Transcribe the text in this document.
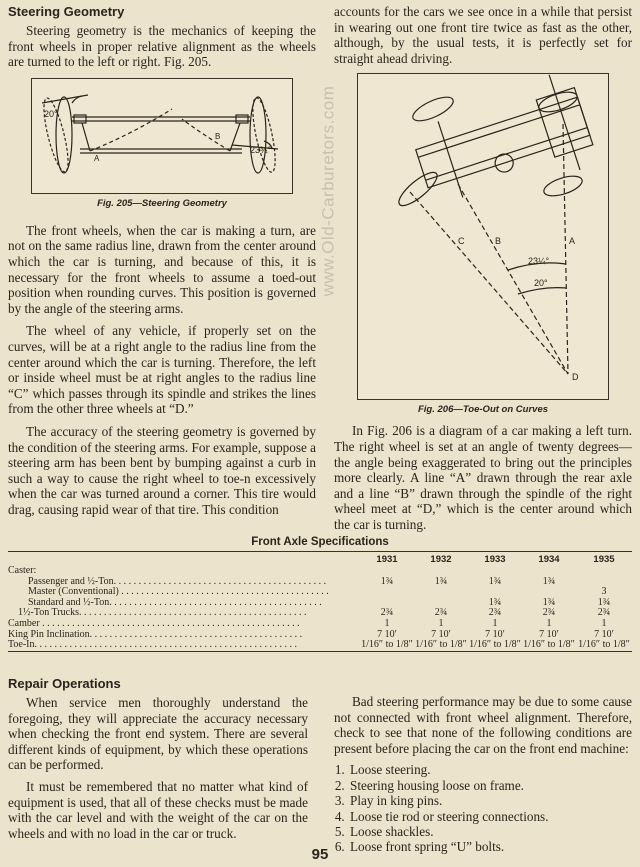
Steering Geometry

Steering geometry is the mechanics of keeping the front wheels in proper relative alignment as the wheels are turned to the left or right. Fig. 205.

20°
23¾°
A
B
Fig. 205—Steering Geometry

The front wheels, when the car is making a turn, are not on the same radius line, drawn from the center around which the car is turning, and because of this, it is necessary for the front wheels to assume a toed-out position when rounding curves. This position is governed by the angle of the steering arms.

The wheel of any vehicle, if properly set on the curves, will be at a right angle to the radius line from the center around which the car is turning. Therefore, the left or inside wheel must be at right angles to the radius line “C” which passes through its spindle and strikes the lines from the other three wheels at “D.”

The accuracy of the steering geometry is governed by the condition of the steering arms. For example, suppose a steering arm has been bent by bumping against a curb in such a way to cause the right wheel to toe-n excessively when the car was turned around a corner. This tire would drag, causing rapid wear of that tire. This condition

www.Old-Carburetors.com

accounts for the cars we see once in a while that persist in wearing out one front tire twice as fast as the other, although, by the usual tests, it is perfectly set for straight ahead driving.

C	B	A
23¼°
20°
D
Fig. 206—Toe-Out on Curves

In Fig. 206 is a diagram of a car making a left turn. The right wheel is set at an angle of twenty degrees—the angle being exaggerated to bring out the principles more clearly. A line “A” drawn through the rear axle and a line “B” drawn through the spindle of the right wheel meet at “D,” which is the center around which the car is turning.

Front Axle Specifications
	1931	1932	1933	1934	1935
Caster:					
Passenger and ½-Ton. . . . . . . . . . . . . . . . . . . . . . . . . . . . . . . . . . . . . . . . . . .	1¾	1¾	1¾	1¾	
Master (Conventional) . . . . . . . . . . . . . . . . . . . . . . . . . . . . . . . . . . . . . . . . . .					3
Standard and ½-Ton. . . . . . . . . . . . . . . . . . . . . . . . . . . . . . . . . . . . . . . . . . .			1¾	1¾	1¾
1½-Ton Trucks. . . . . . . . . . . . . . . . . . . . . . . . . . . . . . . . . . . . . . . . . . . . . .	2¾	2¾	2¾	2¾	2¾
Camber . . . . . . . . . . . . . . . . . . . . . . . . . . . . . . . . . . . . . . . . . . . . . . . . . . . .	1	1	1	1	1
King Pin Inclination. . . . . . . . . . . . . . . . . . . . . . . . . . . . . . . . . . . . . . . . . . .	7 10′	7 10′	7 10′	7 10′	7 10′
Toe-In. . . . . . . . . . . . . . . . . . . . . . . . . . . . . . . . . . . . . . . . . . . . . . . . . . . . .	1/16″ to 1/8″	1/16″ to 1/8″	1/16″ to 1/8″	1/16″ to 1/8″	1/16″ to 1/8″
Repair Operations

When service men thoroughly understand the foregoing, they will appreciate the accuracy necessary when checking the front end system. There are several different kinds of equipment, by which these operations can be performed.

It must be remembered that no matter what kind of equipment is used, that all of these checks must be made with the car level and with the weight of the car on the wheels and with no load in the car or truck.

Bad steering performance may be due to some cause not connected with front wheel alignment. Therefore, check to see that none of the following conditions are present before placing the car on the front end machine:

1. Loose steering.
2. Steering housing loose on frame.
3. Play in king pins.
4. Loose tie rod or steering connections.
5. Loose shackles.
6. Loose front spring “U” bolts.
95
